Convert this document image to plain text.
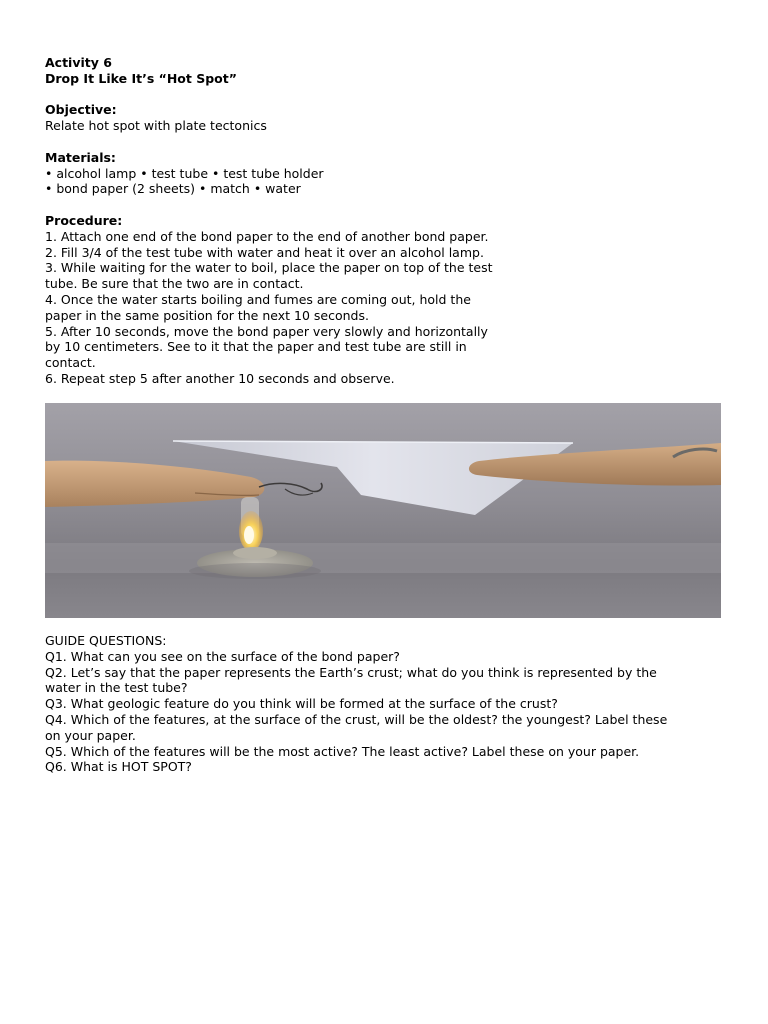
Activity 6

Drop It Like It’s “Hot Spot”

Objective:

Relate hot spot with plate tectonics

Materials:

• alcohol lamp • test tube • test tube holder

• bond paper (2 sheets) • match • water

Procedure:

1. Attach one end of the bond paper to the end of another bond paper.

2. Fill 3/4 of the test tube with water and heat it over an alcohol lamp.

3. While waiting for the water to boil, place the paper on top of the test

tube. Be sure that the two are in contact.

4. Once the water starts boiling and fumes are coming out, hold the

paper in the same position for the next 10 seconds.

5. After 10 seconds, move the bond paper very slowly and horizontally

by 10 centimeters. See to it that the paper and test tube are still in

contact.

6. Repeat step 5 after another 10 seconds and observe.

GUIDE QUESTIONS:

Q1. What can you see on the surface of the bond paper?

Q2. Let’s say that the paper represents the Earth’s crust; what do you think is represented by the

water in the test tube?

Q3. What geologic feature do you think will be formed at the surface of the crust?

Q4. Which of the features, at the surface of the crust, will be the oldest? the youngest? Label these

on your paper.

Q5. Which of the features will be the most active? The least active? Label these on your paper.

Q6. What is HOT SPOT?
